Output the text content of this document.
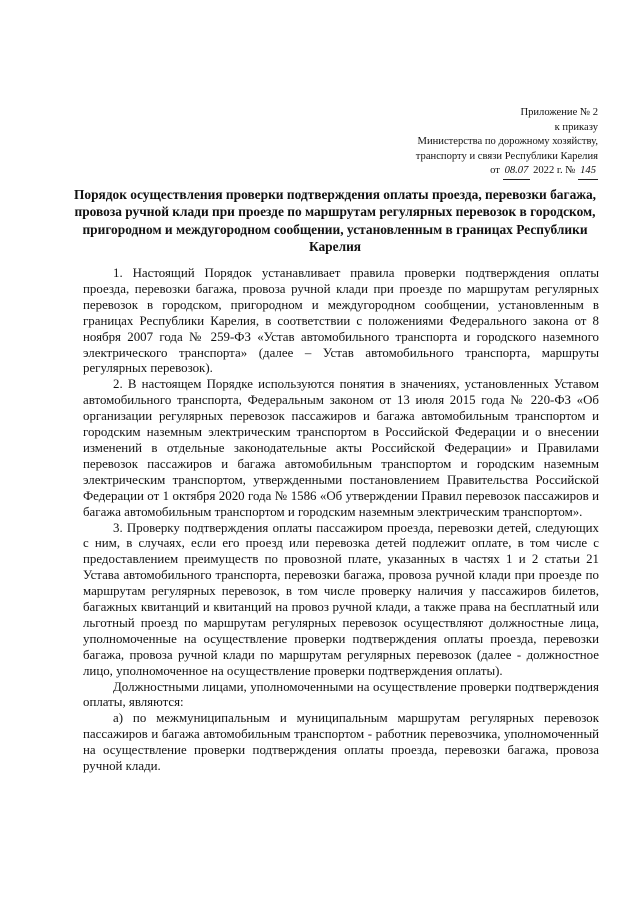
Приложение № 2
к приказу
Министерства по дорожному хозяйству,
транспорту и связи Республики Карелия
от 08.07 2022 г. № 145
Порядок осуществления проверки подтверждения оплаты проезда, перевозки багажа, провоза ручной клади при проезде по маршрутам регулярных перевозок в городском, пригородном и междугородном сообщении, установленным в границах Республики Карелия

1. Настоящий Порядок устанавливает правила проверки подтверждения оплаты проезда, перевозки багажа, провоза ручной клади при проезде по маршрутам регулярных перевозок в городском, пригородном и междугородном сообщении, установленным в границах Республики Карелия, в соответствии с положениями Федерального закона от 8 ноября 2007 года № 259-ФЗ «Устав автомобильного транспорта и городского наземного электрического транспорта» (далее – Устав автомобильного транспорта, маршруты регулярных перевозок).

2. В настоящем Порядке используются понятия в значениях, установленных Уставом автомобильного транспорта, Федеральным законом от 13 июля 2015 года № 220-ФЗ «Об организации регулярных перевозок пассажиров и багажа автомобильным транспортом и городским наземным электрическим транспортом в Российской Федерации и о внесении изменений в отдельные законодательные акты Российской Федерации» и Правилами перевозок пассажиров и багажа автомобильным транспортом и городским наземным электрическим транспортом, утвержденными постановлением Правительства Российской Федерации от 1 октября 2020 года № 1586 «Об утверждении Правил перевозок пассажиров и багажа автомобильным транспортом и городским наземным электрическим транспортом».

3. Проверку подтверждения оплаты пассажиром проезда, перевозки детей, следующих с ним, в случаях, если его проезд или перевозка детей подлежит оплате, в том числе с предоставлением преимуществ по провозной плате, указанных в частях 1 и 2 статьи 21 Устава автомобильного транспорта, перевозки багажа, провоза ручной клади при проезде по маршрутам регулярных перевозок, в том числе проверку наличия у пассажиров билетов, багажных квитанций и квитанций на провоз ручной клади, а также права на бесплатный или льготный проезд по маршрутам регулярных перевозок осуществляют должностные лица, уполномоченные на осуществление проверки подтверждения оплаты проезда, перевозки багажа, провоза ручной клади по маршрутам регулярных перевозок (далее - должностное лицо, уполномоченное на осуществление проверки подтверждения оплаты).

Должностными лицами, уполномоченными на осуществление проверки подтверждения оплаты, являются:

а) по межмуниципальным и муниципальным маршрутам регулярных перевозок пассажиров и багажа автомобильным транспортом - работник перевозчика, уполномоченный на осуществление проверки подтверждения оплаты проезда, перевозки багажа, провоза ручной клади.
